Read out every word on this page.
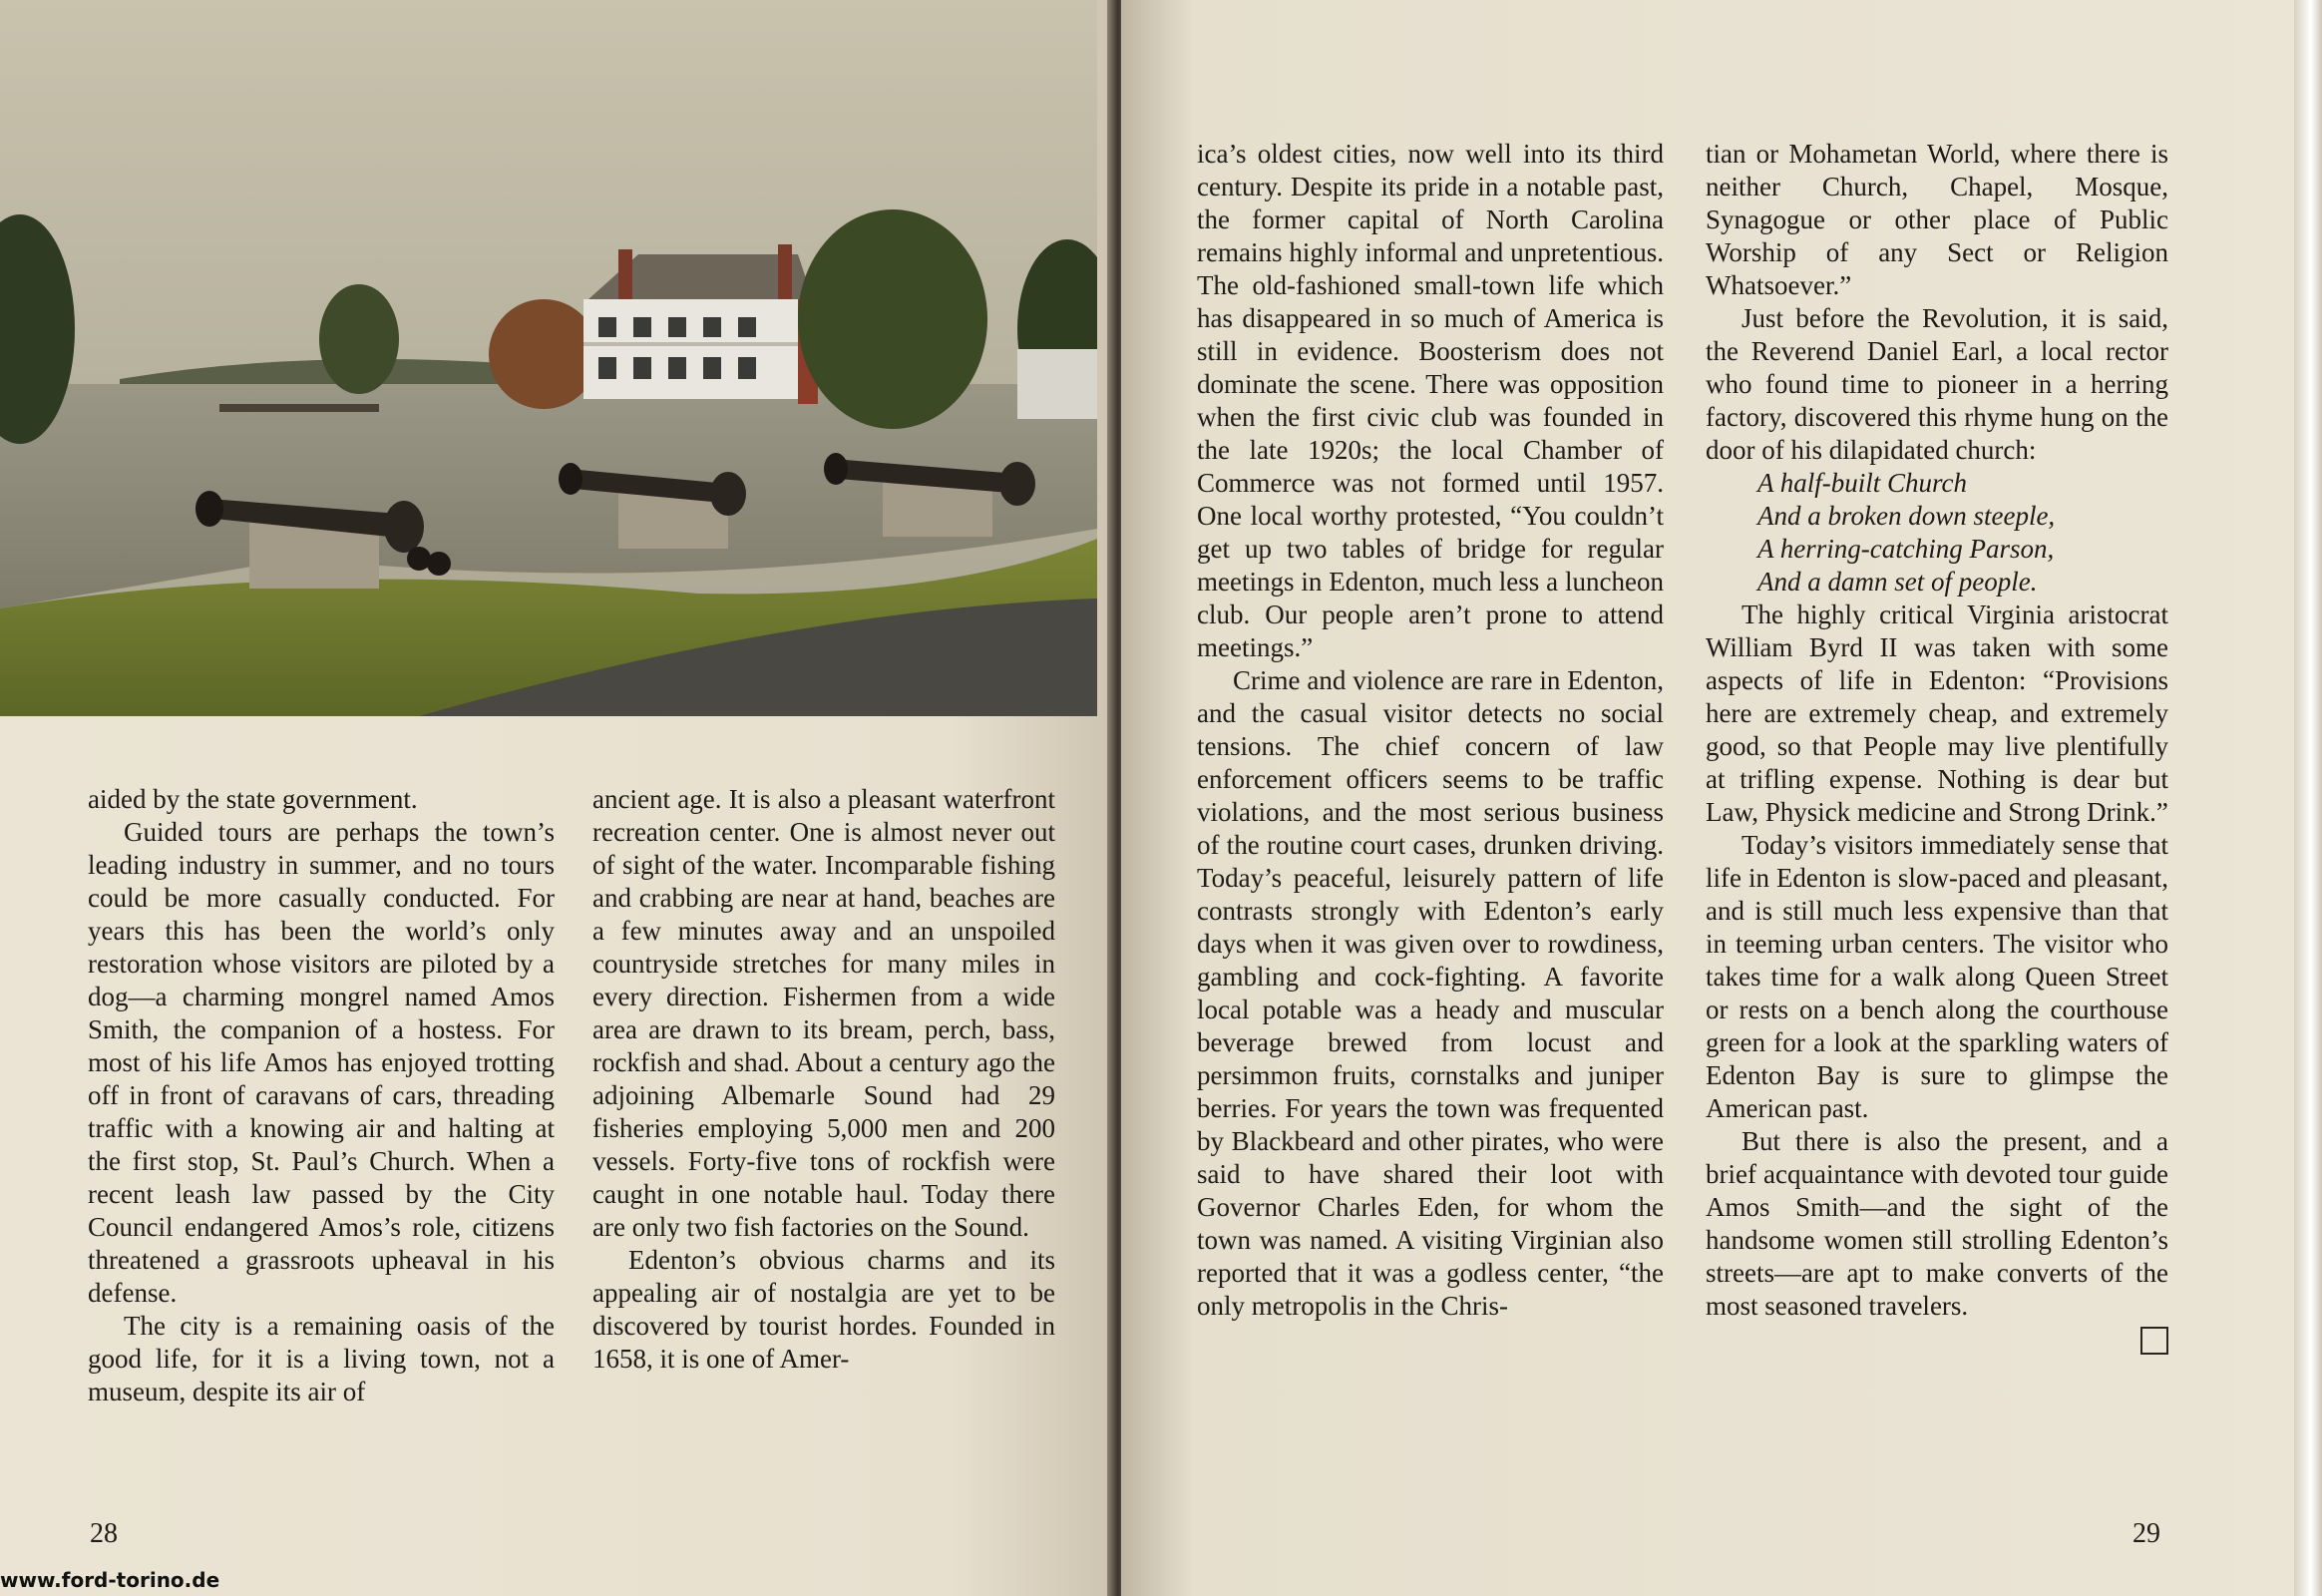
aided by the state government.

Guided tours are perhaps the town’s leading industry in summer, and no tours could be more casually conducted. For years this has been the world’s only restoration whose visitors are piloted by a dog—a charming mongrel named Amos Smith, the companion of a hostess. For most of his life Amos has enjoyed trotting off in front of caravans of cars, threading traffic with a knowing air and halting at the first stop, St. Paul’s Church. When a recent leash law passed by the City Council endangered Amos’s role, citizens threatened a grassroots upheaval in his defense.

The city is a remaining oasis of the good life, for it is a living town, not a museum, despite its air of

ancient age. It is also a pleasant waterfront recreation center. One is almost never out of sight of the water. Incomparable fishing and crabbing are near at hand, beaches are a few minutes away and an unspoiled countryside stretches for many miles in every direction. Fishermen from a wide area are drawn to its bream, perch, bass, rockfish and shad. About a century ago the adjoining Albemarle Sound had 29 fisheries employing 5,000 men and 200 vessels. Forty-five tons of rockfish were caught in one notable haul. Today there are only two fish factories on the Sound.

Edenton’s obvious charms and its appealing air of nostalgia are yet to be discovered by tourist hordes. Founded in 1658, it is one of Amer-

28

ica’s oldest cities, now well into its third century. Despite its pride in a notable past, the former capital of North Carolina remains highly informal and unpretentious. The old-fashioned small-town life which has disappeared in so much of America is still in evidence. Boosterism does not dominate the scene. There was opposition when the first civic club was founded in the late 1920s; the local Chamber of Commerce was not formed until 1957. One local worthy protested, “You couldn’t get up two tables of bridge for regular meetings in Edenton, much less a luncheon club. Our people aren’t prone to attend meetings.”

Crime and violence are rare in Edenton, and the casual visitor detects no social tensions. The chief concern of law enforcement officers seems to be traffic violations, and the most serious business of the routine court cases, drunken driving. Today’s peaceful, leisurely pattern of life contrasts strongly with Edenton’s early days when it was given over to rowdiness, gambling and cock-fighting. A favorite local potable was a heady and muscular beverage brewed from locust and persimmon fruits, cornstalks and juniper berries. For years the town was frequented by Blackbeard and other pirates, who were said to have shared their loot with Governor Charles Eden, for whom the town was named. A visiting Virginian also reported that it was a godless center, “the only metropolis in the Chris-

tian or Mohametan World, where there is neither Church, Chapel, Mosque, Synagogue or other place of Public Worship of any Sect or Religion Whatsoever.”

Just before the Revolution, it is said, the Reverend Daniel Earl, a local rector who found time to pioneer in a herring factory, discovered this rhyme hung on the door of his dilapidated church:

A half-built Church
And a broken down steeple,
A herring-catching Parson,
And a damn set of people.

The highly critical Virginia aristocrat William Byrd II was taken with some aspects of life in Edenton: “Provisions here are extremely cheap, and extremely good, so that People may live plentifully at trifling expense. Nothing is dear but Law, Physick medicine and Strong Drink.”

Today’s visitors immediately sense that life in Edenton is slow-paced and pleasant, and is still much less expensive than that in teeming urban centers. The visitor who takes time for a walk along Queen Street or rests on a bench along the courthouse green for a look at the sparkling waters of Edenton Bay is sure to glimpse the American past.

But there is also the present, and a brief acquaintance with devoted tour guide Amos Smith—and the sight of the handsome women still strolling Edenton’s streets—are apt to make converts of the most seasoned travelers.

29
www.ford-torino.de
